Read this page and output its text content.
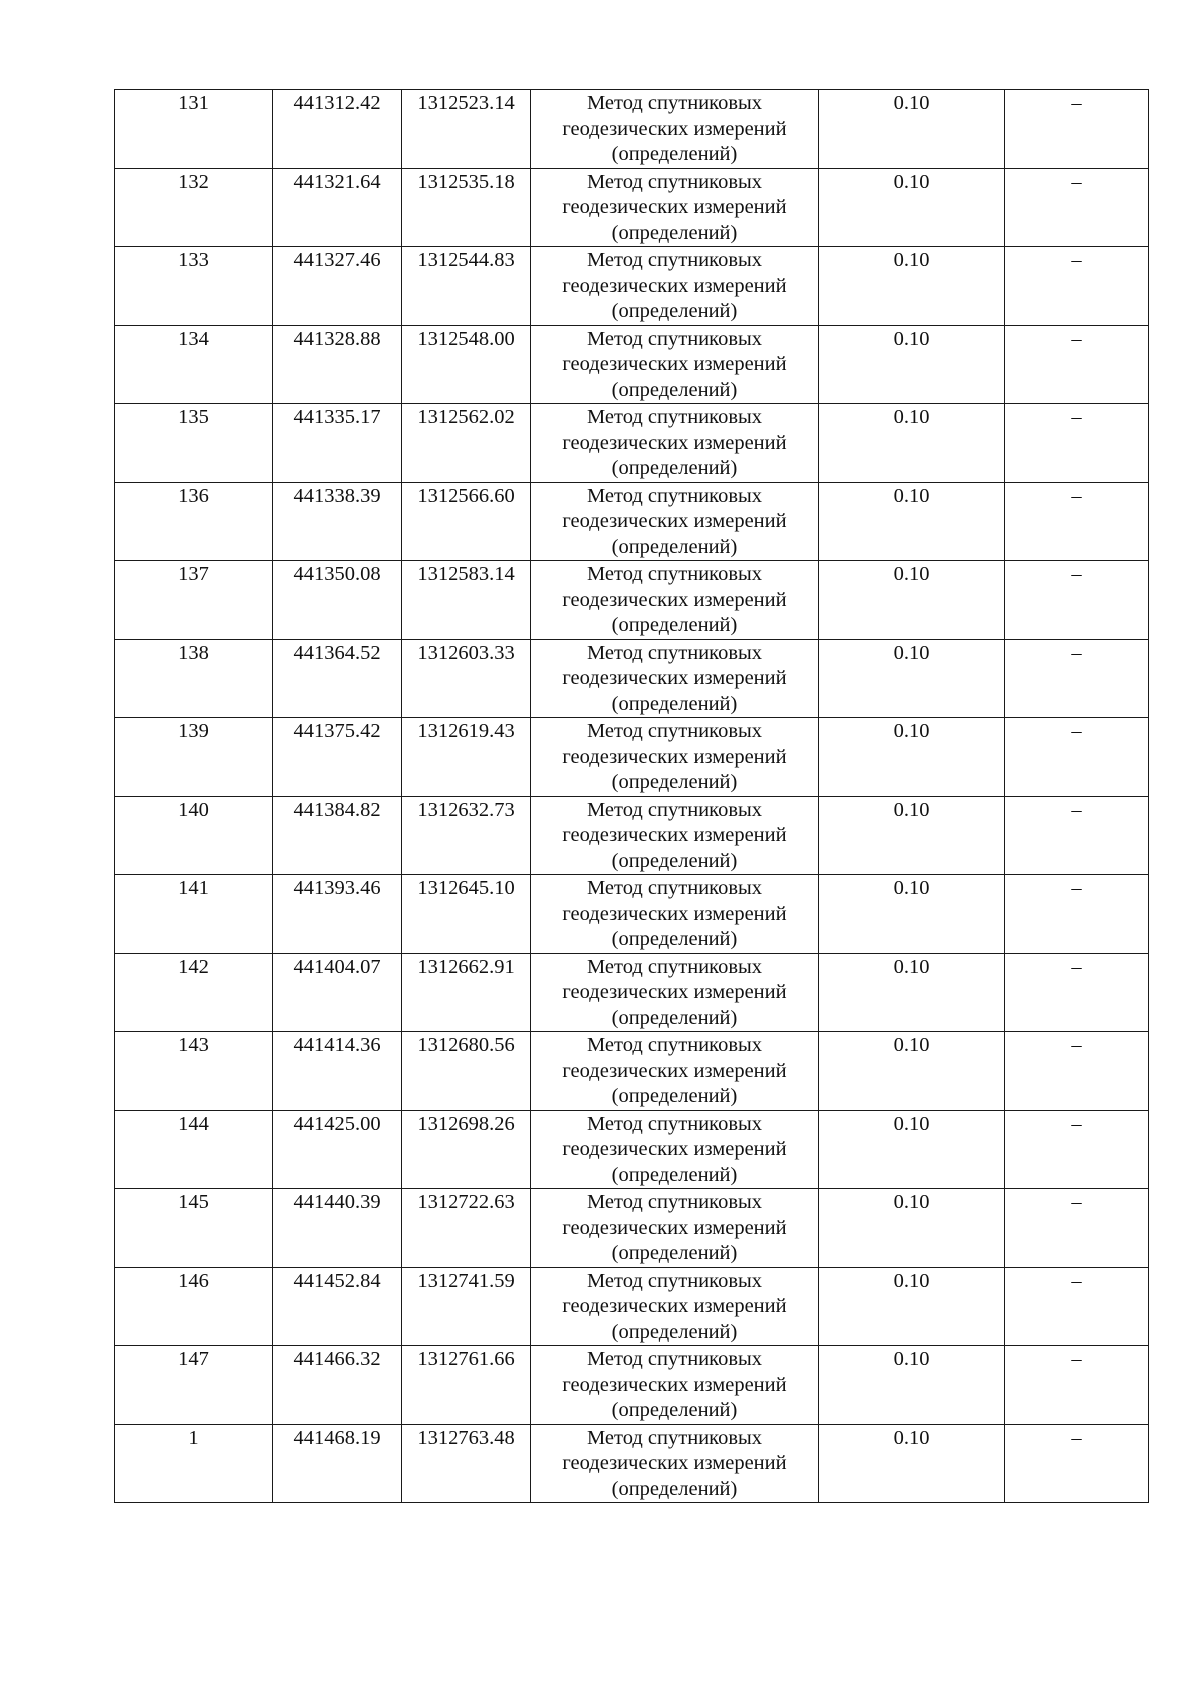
131	441312.42	1312523.14	Метод спутниковых
геодезических измерений
(определений)	0.10	–
132	441321.64	1312535.18	Метод спутниковых
геодезических измерений
(определений)	0.10	–
133	441327.46	1312544.83	Метод спутниковых
геодезических измерений
(определений)	0.10	–
134	441328.88	1312548.00	Метод спутниковых
геодезических измерений
(определений)	0.10	–
135	441335.17	1312562.02	Метод спутниковых
геодезических измерений
(определений)	0.10	–
136	441338.39	1312566.60	Метод спутниковых
геодезических измерений
(определений)	0.10	–
137	441350.08	1312583.14	Метод спутниковых
геодезических измерений
(определений)	0.10	–
138	441364.52	1312603.33	Метод спутниковых
геодезических измерений
(определений)	0.10	–
139	441375.42	1312619.43	Метод спутниковых
геодезических измерений
(определений)	0.10	–
140	441384.82	1312632.73	Метод спутниковых
геодезических измерений
(определений)	0.10	–
141	441393.46	1312645.10	Метод спутниковых
геодезических измерений
(определений)	0.10	–
142	441404.07	1312662.91	Метод спутниковых
геодезических измерений
(определений)	0.10	–
143	441414.36	1312680.56	Метод спутниковых
геодезических измерений
(определений)	0.10	–
144	441425.00	1312698.26	Метод спутниковых
геодезических измерений
(определений)	0.10	–
145	441440.39	1312722.63	Метод спутниковых
геодезических измерений
(определений)	0.10	–
146	441452.84	1312741.59	Метод спутниковых
геодезических измерений
(определений)	0.10	–
147	441466.32	1312761.66	Метод спутниковых
геодезических измерений
(определений)	0.10	–
1	441468.19	1312763.48	Метод спутниковых
геодезических измерений
(определений)	0.10	–
